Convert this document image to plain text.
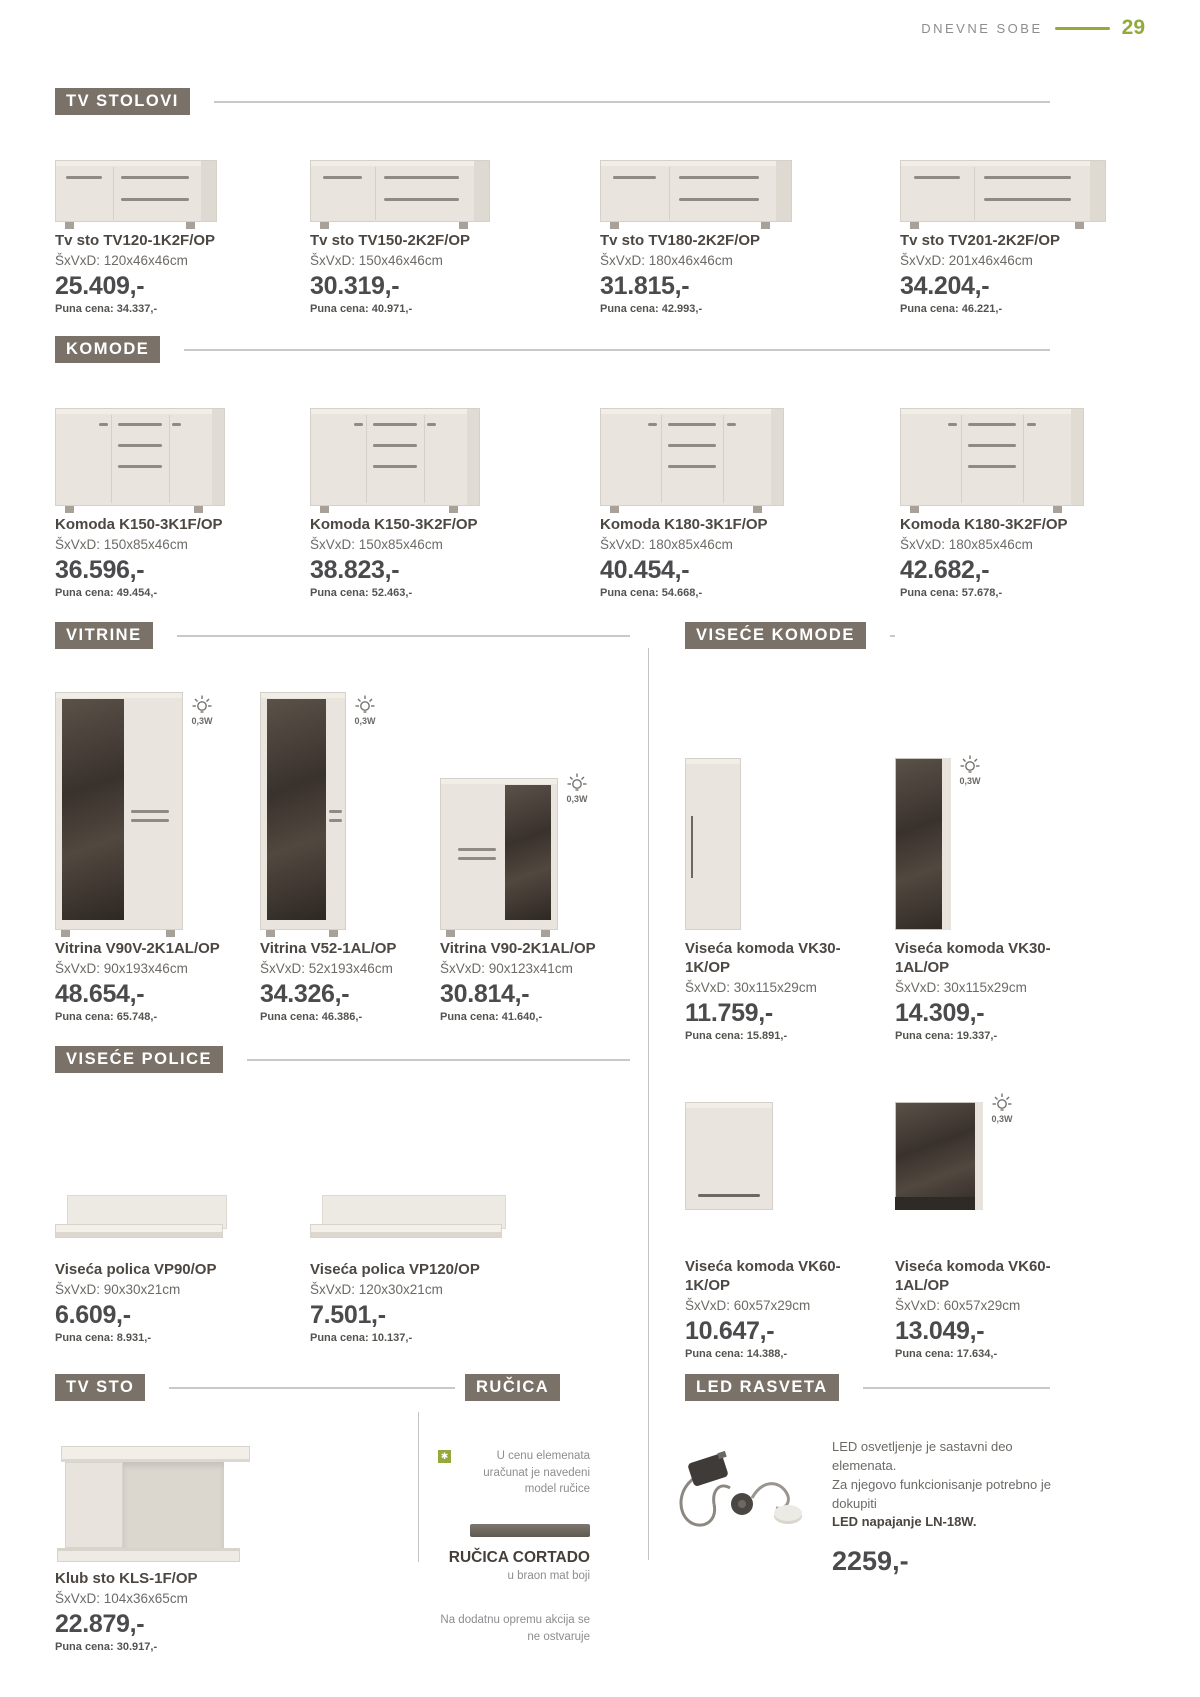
DNEVNE SOBE	29
TV STOLOVI
Tv sto TV120-1K2F/OP
ŠxVxD: 120x46x46cm
25.409,-
Puna cena: 34.337,-
Tv sto TV150-2K2F/OP
ŠxVxD: 150x46x46cm
30.319,-
Puna cena: 40.971,-
Tv sto TV180-2K2F/OP
ŠxVxD: 180x46x46cm
31.815,-
Puna cena: 42.993,-
Tv sto TV201-2K2F/OP
ŠxVxD: 201x46x46cm
34.204,-
Puna cena: 46.221,-
KOMODE
Komoda K150-3K1F/OP
ŠxVxD: 150x85x46cm
36.596,-
Puna cena: 49.454,-
Komoda K150-3K2F/OP
ŠxVxD: 150x85x46cm
38.823,-
Puna cena: 52.463,-
Komoda K180-3K1F/OP
ŠxVxD: 180x85x46cm
40.454,-
Puna cena: 54.668,-
Komoda K180-3K2F/OP
ŠxVxD: 180x85x46cm
42.682,-
Puna cena: 57.678,-
VITRINE	VISEĆE KOMODE
0,3W
Vitrina V90V-2K1AL/OP
ŠxVxD: 90x193x46cm
48.654,-
Puna cena: 65.748,-
0,3W
Vitrina V52-1AL/OP
ŠxVxD: 52x193x46cm
34.326,-
Puna cena: 46.386,-
0,3W
Vitrina V90-2K1AL/OP
ŠxVxD: 90x123x41cm
30.814,-
Puna cena: 41.640,-
Viseća komoda VK30-1K/OP
ŠxVxD: 30x115x29cm
11.759,-
Puna cena: 15.891,-
0,3W
Viseća komoda VK30-1AL/OP
ŠxVxD: 30x115x29cm
14.309,-
Puna cena: 19.337,-
VISEĆE POLICE
Viseća polica VP90/OP
ŠxVxD: 90x30x21cm
6.609,-
Puna cena: 8.931,-
Viseća polica VP120/OP
ŠxVxD: 120x30x21cm
7.501,-
Puna cena: 10.137,-
Viseća komoda VK60-1K/OP
ŠxVxD: 60x57x29cm
10.647,-
Puna cena: 14.388,-
0,3W
Viseća komoda VK60-1AL/OP
ŠxVxD: 60x57x29cm
13.049,-
Puna cena: 17.634,-
TV STO	RUČICA	LED RASVETA
Klub sto KLS-1F/OP
ŠxVxD: 104x36x65cm
22.879,-
Puna cena: 30.917,-
✱	U cenu elemenata uračunat je navedeni model ručice
RUČICA CORTADO
u braon mat boji
Na dodatnu opremu akcija se ne ostvaruje
LED osvetljenje je sastavni deo elemenata.
Za njegovo funkcionisanje potrebno je dokupiti
LED napajanje LN-18W.
2259,-
